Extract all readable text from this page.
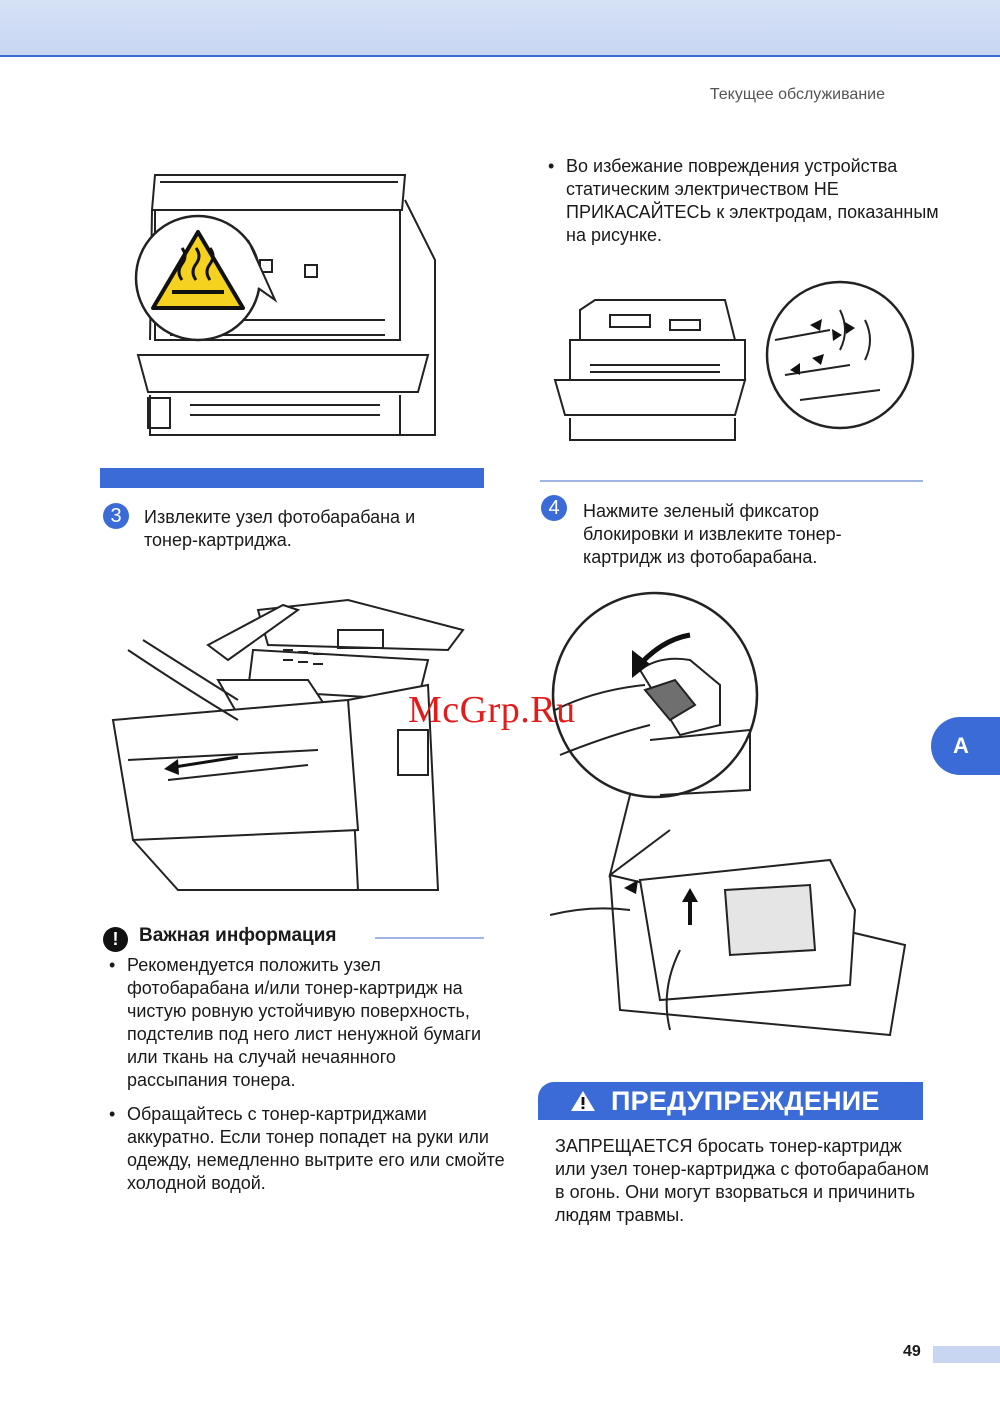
Текущее обслуживание
• Во избежание повреждения устройства статическим электричеством НЕ ПРИКАСАЙТЕСЬ к электродам, показанным на рисунке.
3	Извлеките узел фотобарабана и тонер-картриджа.
4	Нажмите зеленый фиксатор блокировки и извлеките тонер-картридж из фотобарабана.
McGrp.Ru
! Важная информация
• Рекомендуется положить узел фотобарабана и/или тонер-картридж на чистую ровную устойчивую поверхность, подстелив под него лист ненужной бумаги или ткань на случай нечаянного рассыпания тонера.
• Обращайтесь с тонер-картриджами аккуратно. Если тонер попадет на руки или одежду, немедленно вытрите его или смойте холодной водой.
ПРЕДУПРЕЖДЕНИЕ
ЗАПРЕЩАЕТСЯ бросать тонер-картридж или узел тонер-картриджа с фотобарабаном в огонь. Они могут взорваться и причинить людям травмы.
A
49
